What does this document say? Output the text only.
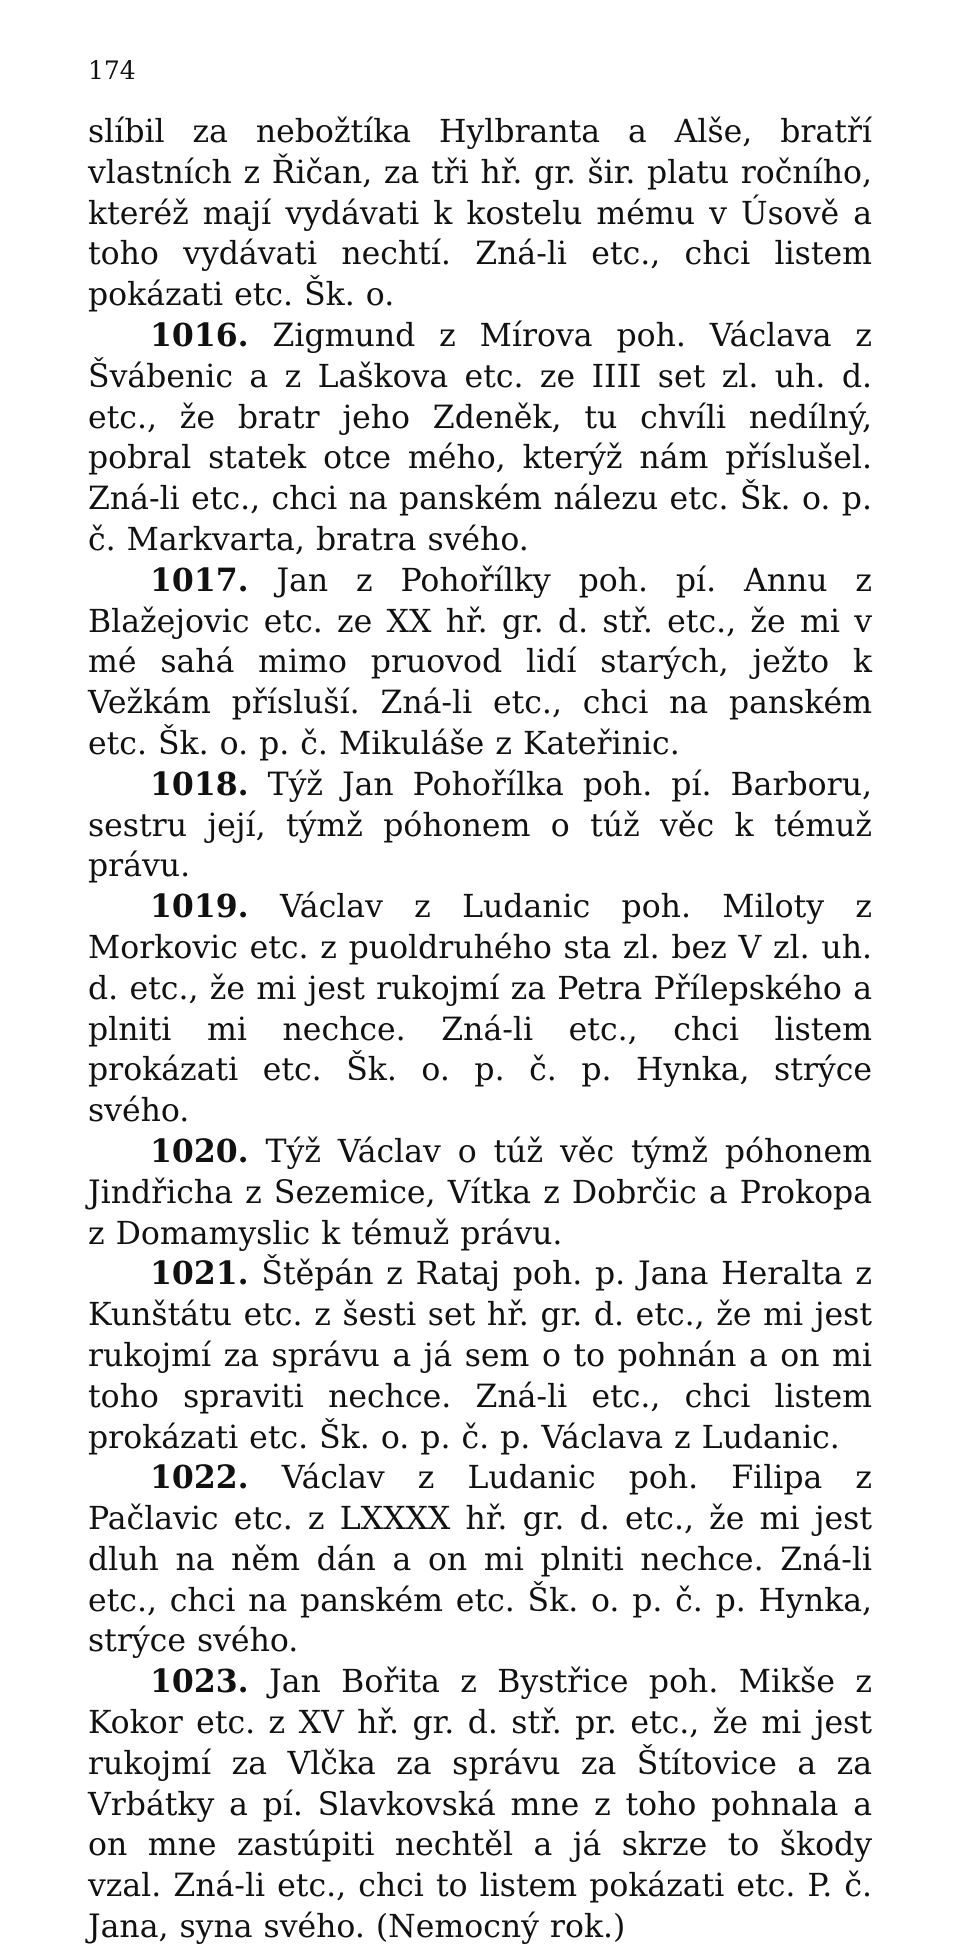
174

slíbil za nebožtíka Hylbranta a Alše, bratří vlastních z Řičan, za tři hř. gr. šir. platu ročního, kteréž mají vydávati k kostelu mému v Úsově a toho vydávati nechtí. Zná-li etc., chci listem pokázati etc. Šk. o.

1016. Zigmund z Mírova poh. Václava z Švábenic a z Laškova etc. ze IIII set zl. uh. d. etc., že bratr jeho Zdeněk, tu chvíli nedílný, pobral statek otce mého, kterýž nám příslušel. Zná-li etc., chci na panském nálezu etc. Šk. o. p. č. Markvarta, bratra svého.

1017. Jan z Pohořílky poh. pí. Annu z Blažejovic etc. ze XX hř. gr. d. stř. etc., že mi v mé sahá mimo pruovod lidí starých, ježto k Vežkám přísluší. Zná-li etc., chci na panském etc. Šk. o. p. č. Mikuláše z Kateřinic.

1018. Týž Jan Pohořílka poh. pí. Barboru, sestru její, týmž póhonem o túž věc k témuž právu.

1019. Václav z Ludanic poh. Miloty z Morkovic etc. z puoldruhého sta zl. bez V zl. uh. d. etc., že mi jest rukojmí za Petra Přílepského a plniti mi nechce. Zná-li etc., chci listem prokázati etc. Šk. o. p. č. p. Hynka, strýce svého.

1020. Týž Václav o túž věc týmž póhonem Jindřicha z Sezemice, Vítka z Dobrčic a Prokopa z Domamyslic k témuž právu.

1021. Štěpán z Rataj poh. p. Jana Heralta z Kunštátu etc. z šesti set hř. gr. d. etc., že mi jest rukojmí za správu a já sem o to pohnán a on mi toho spraviti nechce. Zná-li etc., chci listem prokázati etc. Šk. o. p. č. p. Václava z Ludanic.

1022. Václav z Ludanic poh. Filipa z Pačlavic etc. z LXXXX hř. gr. d. etc., že mi jest dluh na něm dán a on mi plniti nechce. Zná-li etc., chci na panském etc. Šk. o. p. č. p. Hynka, strýce svého.

1023. Jan Bořita z Bystřice poh. Mikše z Kokor etc. z XV hř. gr. d. stř. pr. etc., že mi jest rukojmí za Vlčka za správu za Štítovice a za Vrbátky a pí. Slavkovská mne z toho pohnala a on mne zastúpiti nechtěl a já skrze to škody vzal. Zná-li etc., chci to listem pokázati etc. P. č. Jana, syna svého. (Nemocný rok.)
